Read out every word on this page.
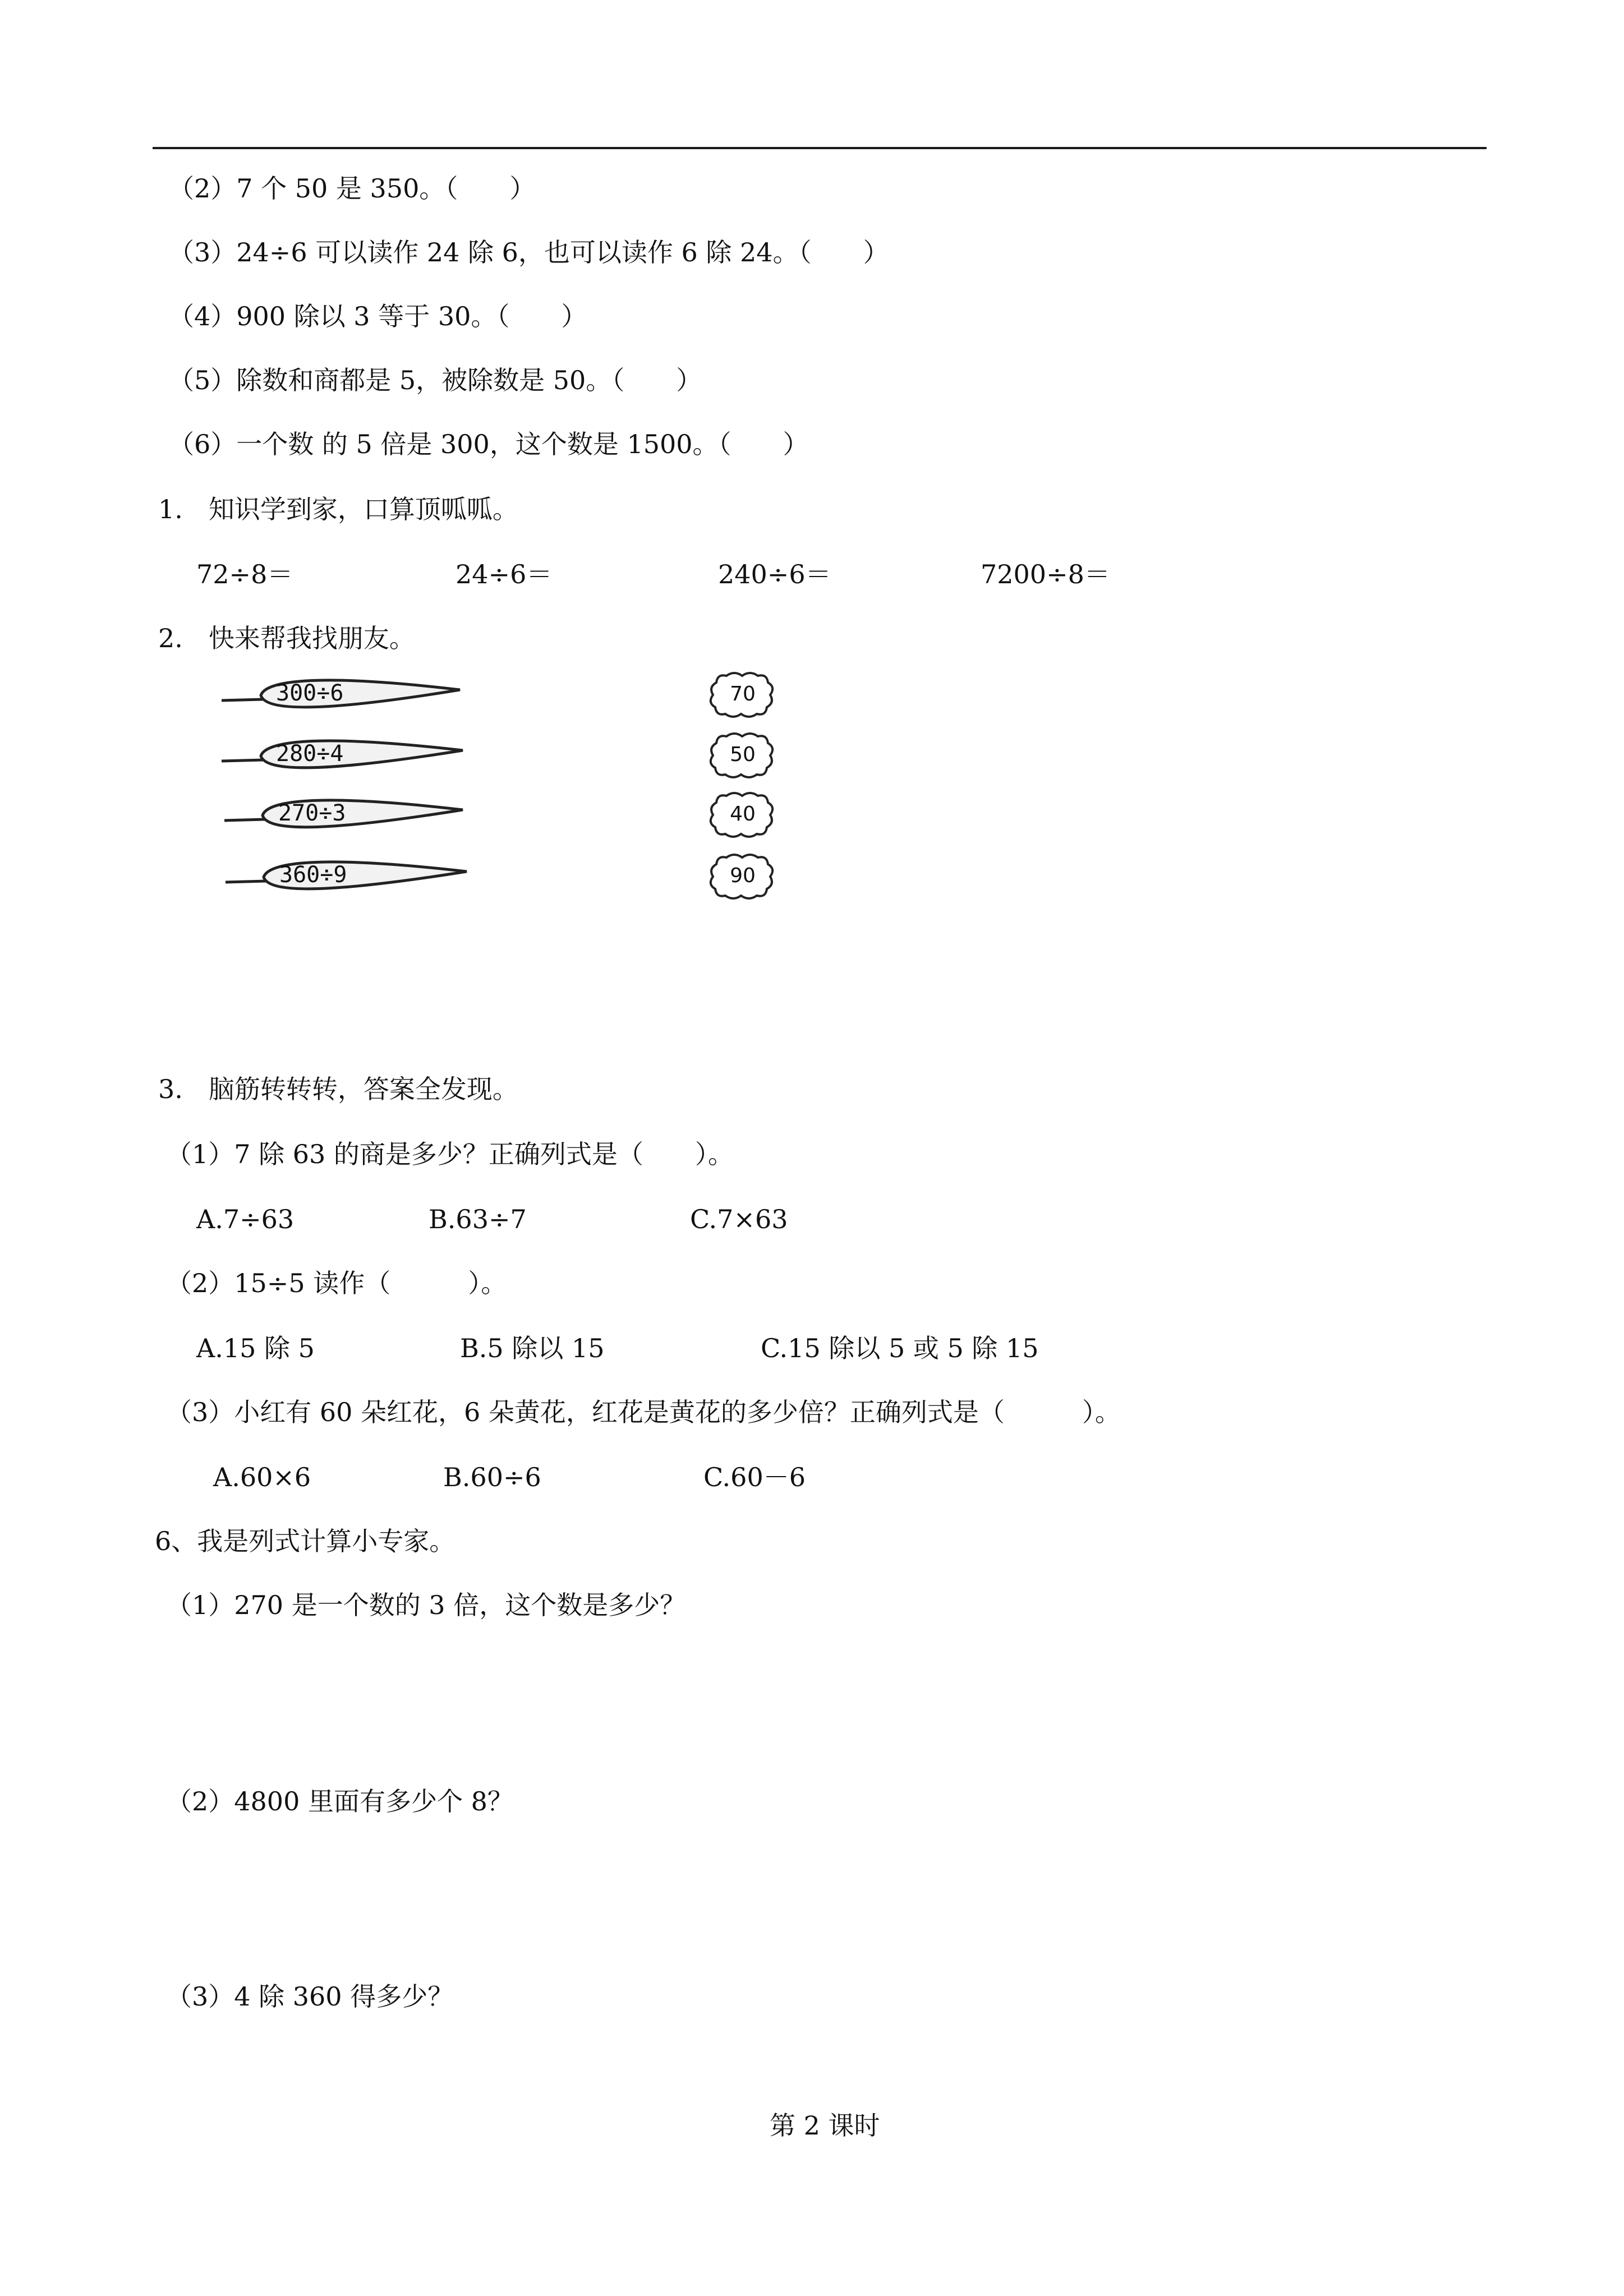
（2）7 个 50 是 350。（　　）
（3）24÷6 可以读作 24 除 6，也可以读作 6 除 24。（　　）
（4）900 除以 3 等于 30。（　　）
（5）除数和商都是 5，被除数是 50。（　　）
（6）一个数 的 5 倍是 300，这个数是 1500。（　　）
1.　知识学到家，口算顶呱呱。
72÷8＝	24÷6＝	240÷6＝	7200÷8＝
2.　快来帮我找朋友。
300÷6
280÷4
270÷3
360÷9
70
50
40
90
3.　脑筋转转转，答案全发现。
（1）7 除 63 的商是多少？正确列式是（　　）。
A.7÷63	B.63÷7	C.7×63
（2）15÷5 读作（　　　）。
A.15 除 5	B.5 除以 15	C.15 除以 5 或 5 除 15
（3）小红有 60 朵红花，6 朵黄花，红花是黄花的多少倍？正确列式是（　　　）。
A.60×6	B.60÷6	C.60－6
6、我是列式计算小专家。
（1）270 是一个数的 3 倍，这个数是多少？
（2）4800 里面有多少个 8？
（3）4 除 360 得多少？
第 2 课时
